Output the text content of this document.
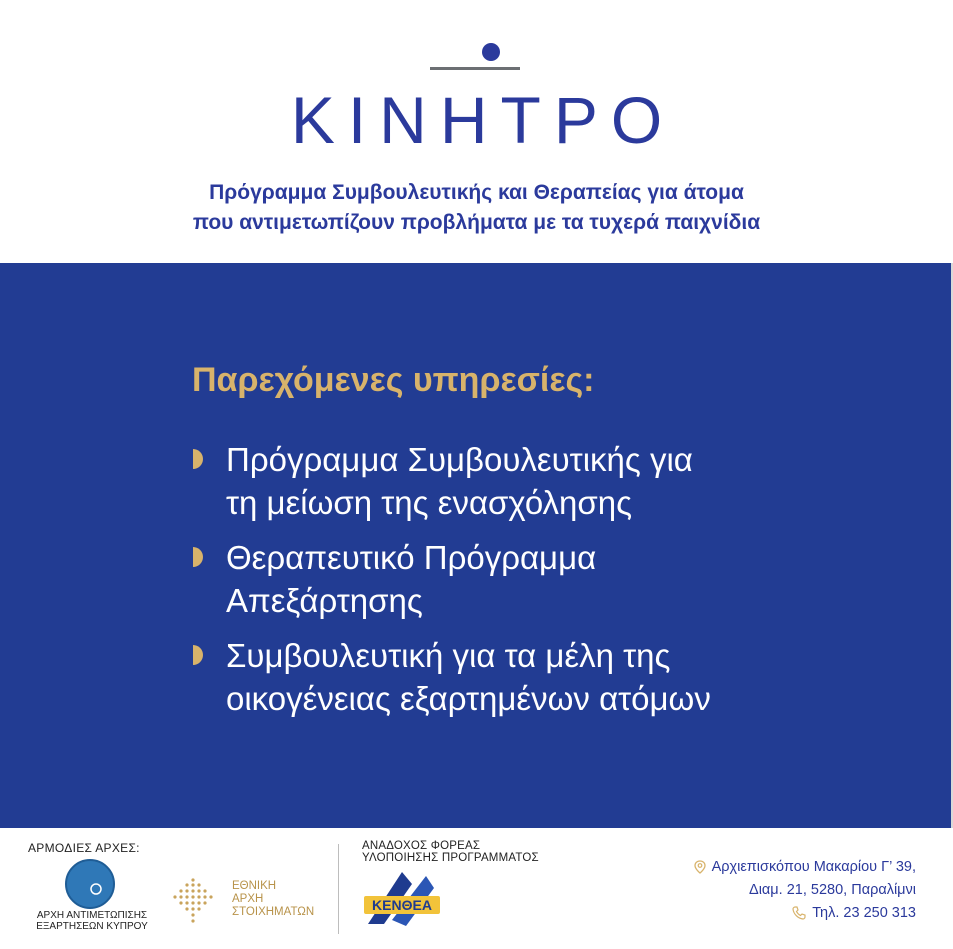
ΚΙΝΗΤΡΟ
Πρόγραμμα Συμβουλευτικής και Θεραπείας για άτομα
που αντιμετωπίζουν προβλήματα με τα τυχερά παιχνίδια
Παρεχόμενες υπηρεσίες:
Πρόγραμμα Συμβουλευτικής για
τη μείωση της ενασχόλησης
Θεραπευτικό Πρόγραμμα
Απεξάρτησης
Συμβουλευτική για τα μέλη της
οικογένειας εξαρτημένων ατόμων
ΑΡΜΟΔΙΕΣ ΑΡΧΕΣ:
ΑΡΧΗ ΑΝΤΙΜΕΤΩΠΙΣΗΣ
ΕΞΑΡΤΗΣΕΩΝ ΚΥΠΡΟΥ
ΕΘΝΙΚΗ
ΑΡΧΗ
ΣΤΟΙΧΗΜΑΤΩΝ
ΑΝΑΔΟΧΟΣ ΦΟΡΕΑΣ
ΥΛΟΠΟΙΗΣΗΣ ΠΡΟΓΡΑΜΜΑΤΟΣ
ΚΕΝΘΕΑ
Αρχιεπισκόπου Μακαρίου Γ’ 39,
Διαμ. 21, 5280, Παραλίμνι
Τηλ. 23 250 313
